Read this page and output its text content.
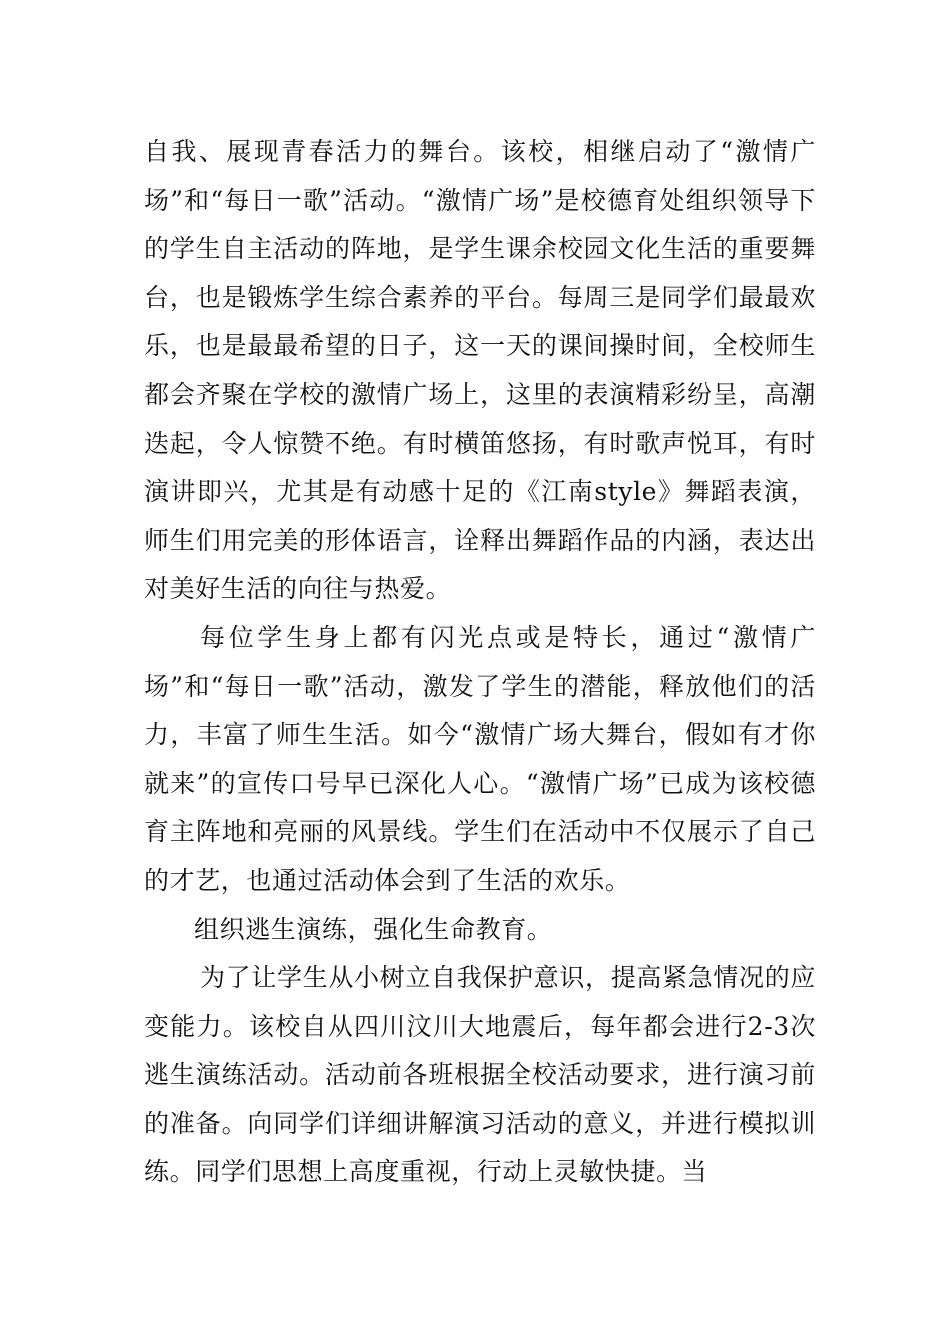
自我、展现青春活力的舞台。该校，相继启动了“激情广场”和“每日一歌”活动。“激情广场”是校德育处组织领导下的学生自主活动的阵地，是学生课余校园文化生活的重要舞台，也是锻炼学生综合素养的平台。每周三是同学们最最欢乐，也是最最希望的日子，这一天的课间操时间，全校师生都会齐聚在学校的激情广场上，这里的表演精彩纷呈，高潮迭起，令人惊赞不绝。有时横笛悠扬，有时歌声悦耳，有时演讲即兴，尤其是有动感十足的《江南style》舞蹈表演，师生们用完美的形体语言，诠释出舞蹈作品的内涵，表达出对美好生活的向往与热爱。

每位学生身上都有闪光点或是特长，通过“激情广场”和“每日一歌”活动，激发了学生的潜能，释放他们的活力，丰富了师生生活。如今“激情广场大舞台，假如有才你就来”的宣传口号早已深化人心。“激情广场”已成为该校德育主阵地和亮丽的风景线。学生们在活动中不仅展示了自己的才艺，也通过活动体会到了生活的欢乐。

组织逃生演练，强化生命教育。

为了让学生从小树立自我保护意识，提高紧急情况的应变能力。该校自从四川汶川大地震后，每年都会进行2-3次逃生演练活动。活动前各班根据全校活动要求，进行演习前的准备。向同学们详细讲解演习活动的意义，并进行模拟训练。同学们思想上高度重视，行动上灵敏快捷。当
